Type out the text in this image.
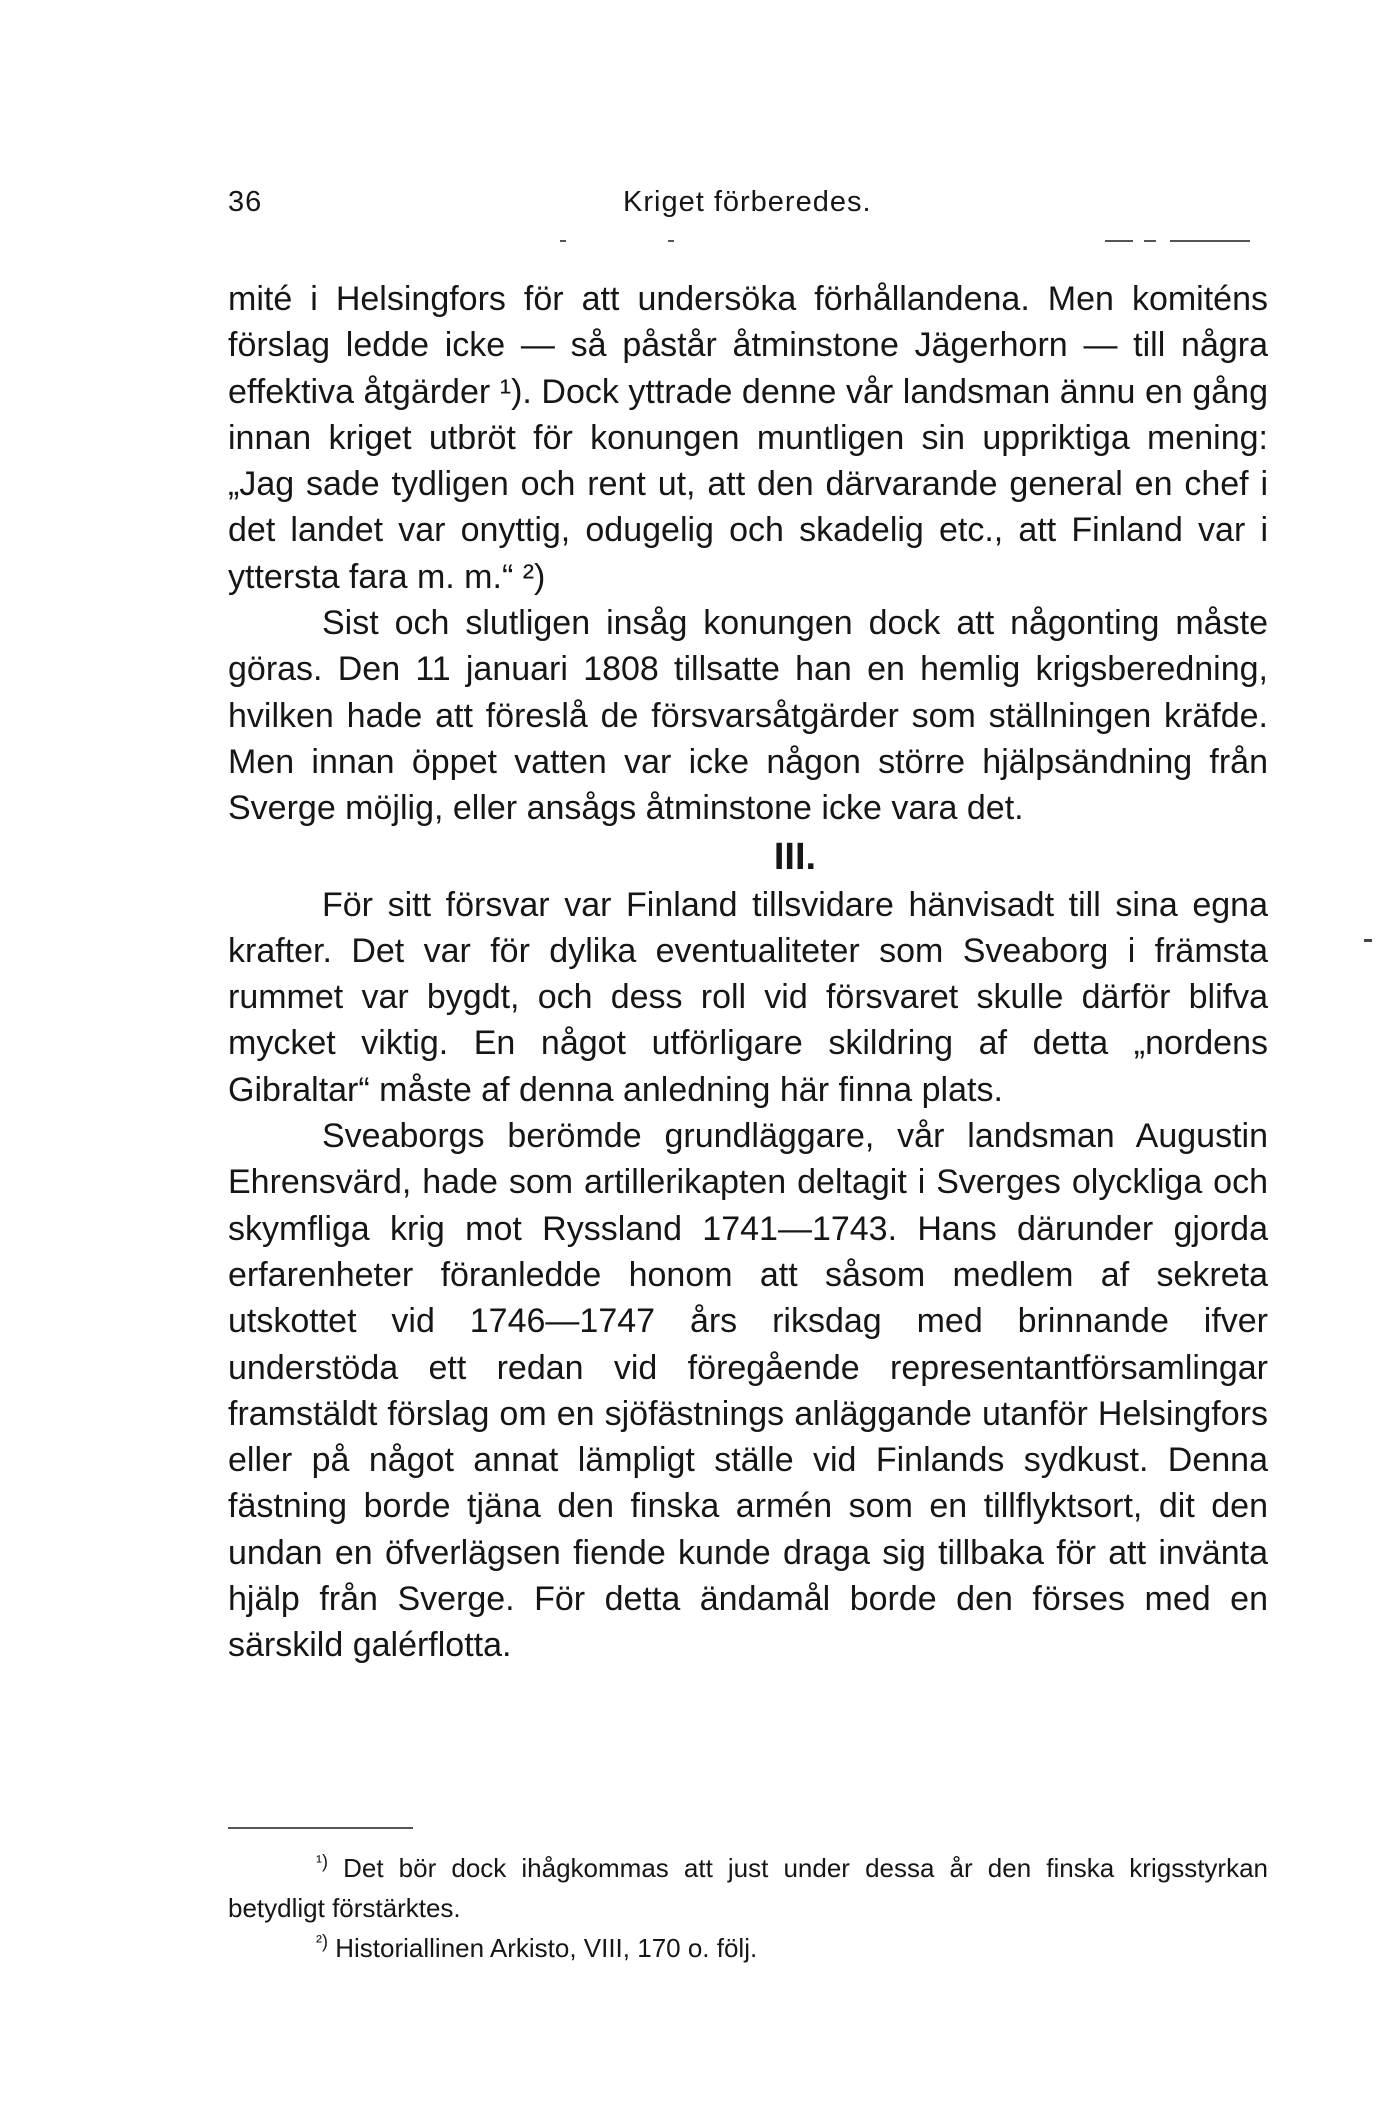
36	Kriget förberedes.

mité i Helsingfors för att undersöka förhållandena. Men komiténs förslag ledde icke — så påstår åtminstone Jägerhorn — till några effektiva åtgärder ¹). Dock yttrade denne vår landsman ännu en gång innan kriget utbröt för konungen muntligen sin uppriktiga mening: „Jag sade tydligen och rent ut, att den därvarande general en chef i det landet var onyttig, odugelig och skadelig etc., att Finland var i yttersta fara m. m.“ ²)

Sist och slutligen insåg konungen dock att någonting måste göras. Den 11 januari 1808 tillsatte han en hemlig krigsberedning, hvilken hade att föreslå de försvarsåtgärder som ställningen kräfde. Men innan öppet vatten var icke någon större hjälpsändning från Sverge möjlig, eller ansågs åtminstone icke vara det.

III.

För sitt försvar var Finland tillsvidare hänvisadt till sina egna krafter. Det var för dylika eventualiteter som Sveaborg i främsta rummet var bygdt, och dess roll vid försvaret skulle därför blifva mycket viktig. En något utförligare skildring af detta „nordens Gibraltar“ måste af denna anledning här finna plats.

Sveaborgs berömde grundläggare, vår landsman Augustin Ehrensvärd, hade som artillerikapten deltagit i Sverges olyckliga och skymfliga krig mot Ryssland 1741—1743. Hans därunder gjorda erfarenheter föranledde honom att såsom medlem af sekreta utskottet vid 1746—1747 års riksdag med brinnande ifver understöda ett redan vid föregående representantförsamlingar framstäldt förslag om en sjöfästnings anläggande utanför Helsingfors eller på något annat lämpligt ställe vid Finlands sydkust. Denna fästning borde tjäna den finska armén som en tillflyktsort, dit den undan en öfverlägsen fiende kunde draga sig tillbaka för att invänta hjälp från Sverge. För detta ändamål borde den förses med en särskild galérflotta.

$^{^1)}$ Det bör dock ihågkommas att just under dessa år den finska krigsstyrkan betydligt förstärktes.

$^{^2)}$ Historiallinen Arkisto, VIII, 170 o. följ.
